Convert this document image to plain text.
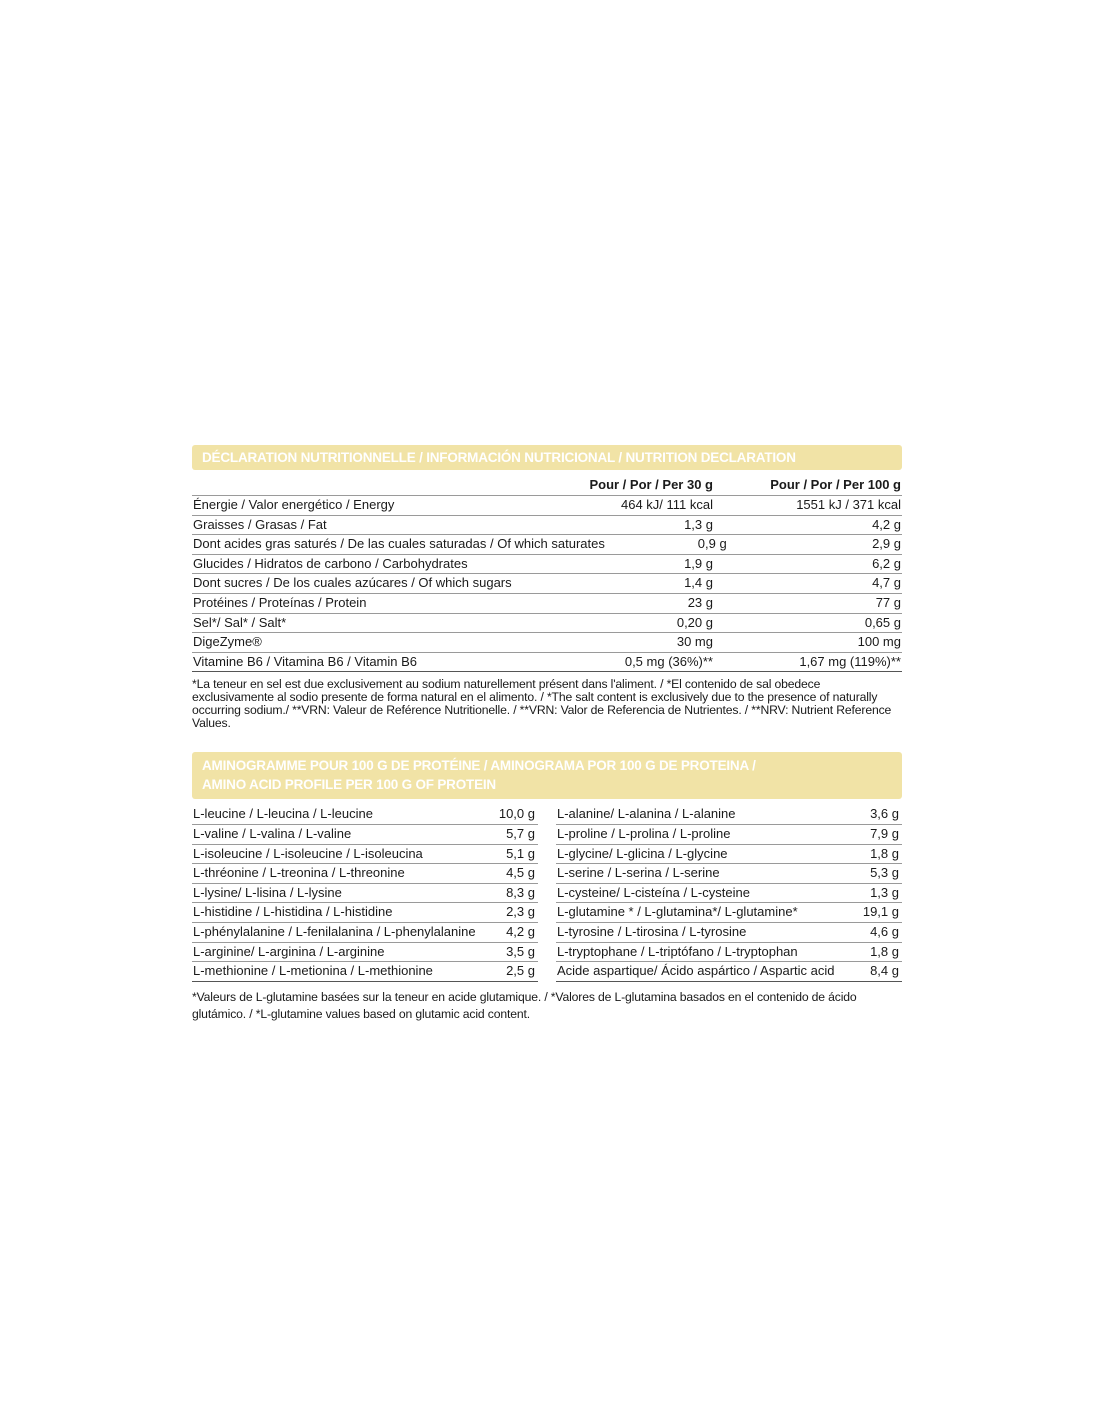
DÉCLARATION NUTRITIONNELLE / INFORMACIÓN NUTRICIONAL / NUTRITION DECLARATION
Pour / Por / Per 30 g	Pour / Por / Per 100 g
Énergie / Valor energético / Energy	464 kJ/ 111 kcal	1551 kJ / 371 kcal
Graisses / Grasas / Fat	1,3 g	4,2 g
Dont acides gras saturés / De las cuales saturadas / Of which saturates	0,9 g	2,9 g
Glucides / Hidratos de carbono / Carbohydrates	1,9 g	6,2 g
Dont sucres / De los cuales azúcares / Of which sugars	1,4 g	4,7 g
Protéines / Proteínas / Protein	23 g	77 g
Sel*/ Sal* / Salt*	0,20 g	0,65 g
DigeZyme®	30 mg	100 mg
Vitamine B6 / Vitamina B6 / Vitamin B6	0,5 mg (36%)**	1,67 mg (119%)**
*La teneur en sel est due exclusivement au sodium naturellement présent dans l'aliment. / *El contenido de sal obedece exclusivamente al sodio presente de forma natural en el alimento. / *The salt content is exclusively due to the presence of naturally occurring sodium./ **VRN: Valeur de Reférence Nutritionelle. / **VRN: Valor de Referencia de Nutrientes. / **NRV: Nutrient Reference Values.
AMINOGRAMME POUR 100 G DE PROTÉINE / AMINOGRAMA POR 100 G DE PROTEINA /
AMINO ACID PROFILE PER 100 G OF PROTEIN
L-leucine / L-leucina / L-leucine	10,0 g
L-valine / L-valina / L-valine	5,7 g
L-isoleucine / L-isoleucine / L-isoleucina	5,1 g
L-thréonine / L-treonina / L-threonine	4,5 g
L-lysine/ L-lisina / L-lysine	8,3 g
L-histidine / L-histidina / L-histidine	2,3 g
L-phénylalanine / L-fenilalanina / L-phenylalanine	4,2 g
L-arginine/ L-arginina / L-arginine	3,5 g
L-methionine / L-metionina / L-methionine	2,5 g
L-alanine/ L-alanina / L-alanine	3,6 g
L-proline / L-prolina / L-proline	7,9 g
L-glycine/ L-glicina / L-glycine	1,8 g
L-serine / L-serina / L-serine	5,3 g
L-cysteine/ L-cisteína / L-cysteine	1,3 g
L-glutamine * / L-glutamina*/ L-glutamine*	19,1 g
L-tyrosine / L-tirosina / L-tyrosine	4,6 g
L-tryptophane / L-triptófano / L-tryptophan	1,8 g
Acide aspartique/ Ácido aspártico / Aspartic acid	8,4 g
*Valeurs de L-glutamine basées sur la teneur en acide glutamique. / *Valores de L-glutamina basados en el contenido de ácido glutámico. / *L-glutamine values based on glutamic acid content.
